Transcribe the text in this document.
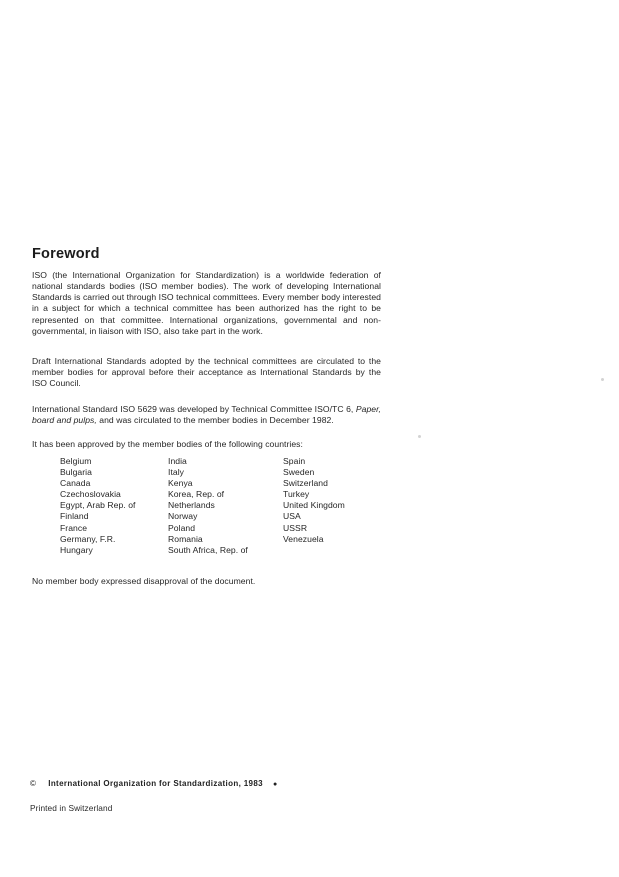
Foreword

ISO (the International Organization for Standardization) is a worldwide federation of national standards bodies (ISO member bodies). The work of developing International Standards is carried out through ISO technical committees. Every member body interested in a subject for which a technical committee has been authorized has the right to be represented on that committee. International organizations, governmental and non-governmental, in liaison with ISO, also take part in the work.

Draft International Standards adopted by the technical committees are circulated to the member bodies for approval before their acceptance as International Standards by the ISO Council.

International Standard ISO 5629 was developed by Technical Committee ISO/TC 6, Paper, board and pulps, and was circulated to the member bodies in December 1982.

It has been approved by the member bodies of the following countries:

Belgium
Bulgaria
Canada
Czechoslovakia
Egypt, Arab Rep. of
Finland
France
Germany, F.R.
Hungary
India
Italy
Kenya
Korea, Rep. of
Netherlands
Norway
Poland
Romania
South Africa, Rep. of
Spain
Sweden
Switzerland
Turkey
United Kingdom
USA
USSR
Venezuela

No member body expressed disapproval of the document.

© International Organization for Standardization, 1983 ●
Printed in Switzerland
